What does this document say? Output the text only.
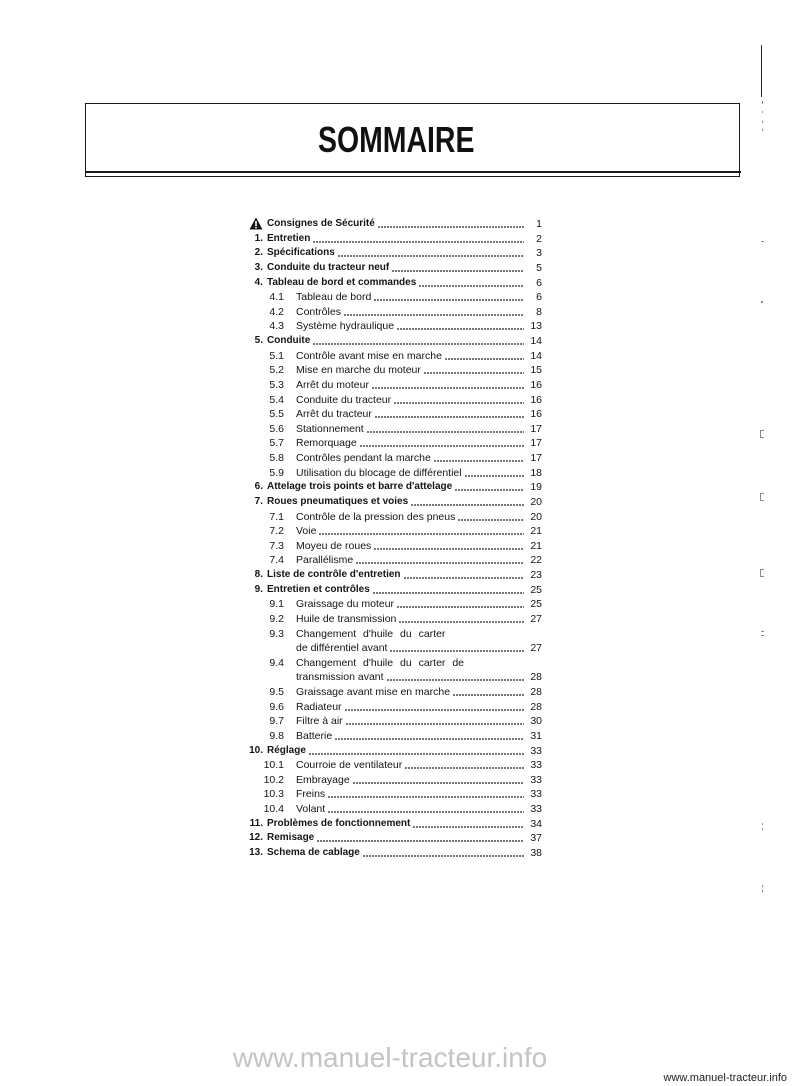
SOMMAIRE
Consignes de Sécurité	1
1. Entretien	2
2. Spécifications	3
3. Conduite du tracteur neuf	5
4. Tableau de bord et commandes	6
4.1 Tableau de bord	6
4.2 Contrôles	8
4.3 Système hydraulique	13
5. Conduite	14
5.1 Contrôle avant mise en marche	14
5.2 Mise en marche du moteur	15
5.3 Arrêt du moteur	16
5.4 Conduite du tracteur	16
5.5 Arrêt du tracteur	16
5.6 Stationnement	17
5.7 Remorquage	17
5.8 Contrôles pendant la marche	17
5.9 Utilisation du blocage de différentiel	18
6. Attelage trois points et barre d'attelage	19
7. Roues pneumatiques et voies	20
7.1 Contrôle de la pression des pneus	20
7.2 Voie	21
7.3 Moyeu de roues	21
7.4 Parallélisme	22
8. Liste de contrôle d'entretien	23
9. Entretien et contrôles	25
9.1 Graissage du moteur	25
9.2 Huile de transmission	27
9.3 Changement d'huile du carter
de différentiel avant	27
9.4 Changement d'huile du carter de
transmission avant	28
9.5 Graissage avant mise en marche	28
9.6 Radiateur	28
9.7 Filtre à air	30
9.8 Batterie	31
10. Réglage	33
10.1 Courroie de ventilateur	33
10.2 Embrayage	33
10.3 Freins	33
10.4 Volant	33
11. Problèmes de fonctionnement	34
12. Remisage	37
13. Schema de cablage	38
www.manuel-tracteur.info
www.manuel-tracteur.info
